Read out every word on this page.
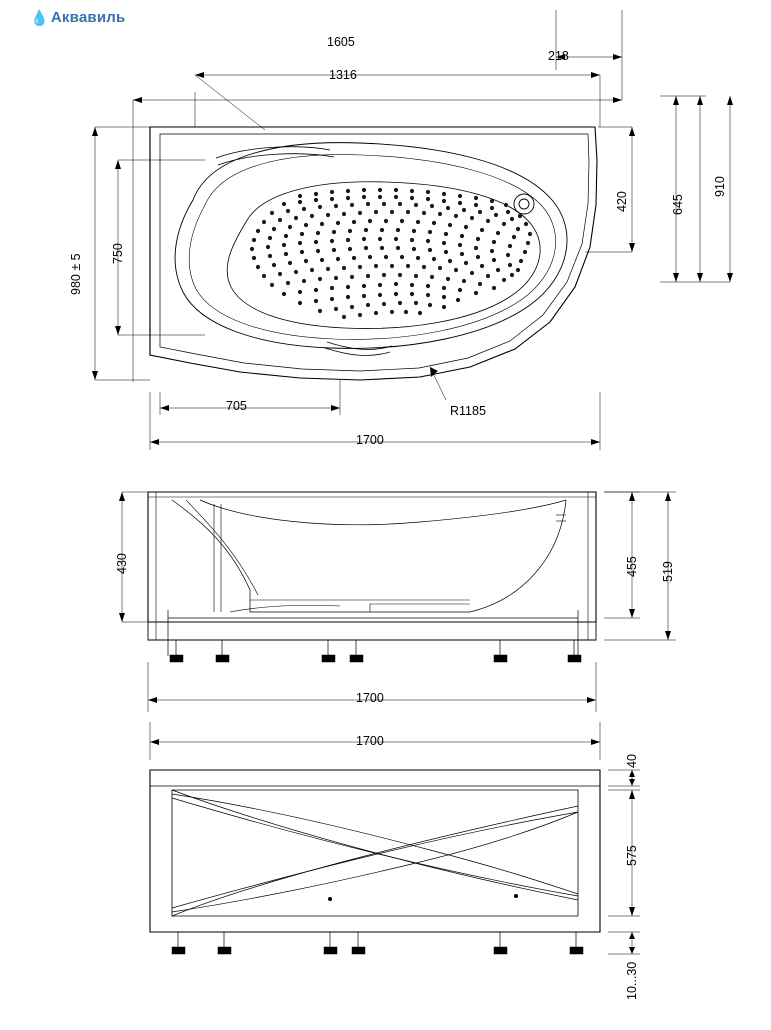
💧 Аквавиль
1605
1316
218
980 ± 5 750
420	645
910
705
1700
R1185
430	455 519
1700
1700
40
575
10...30
